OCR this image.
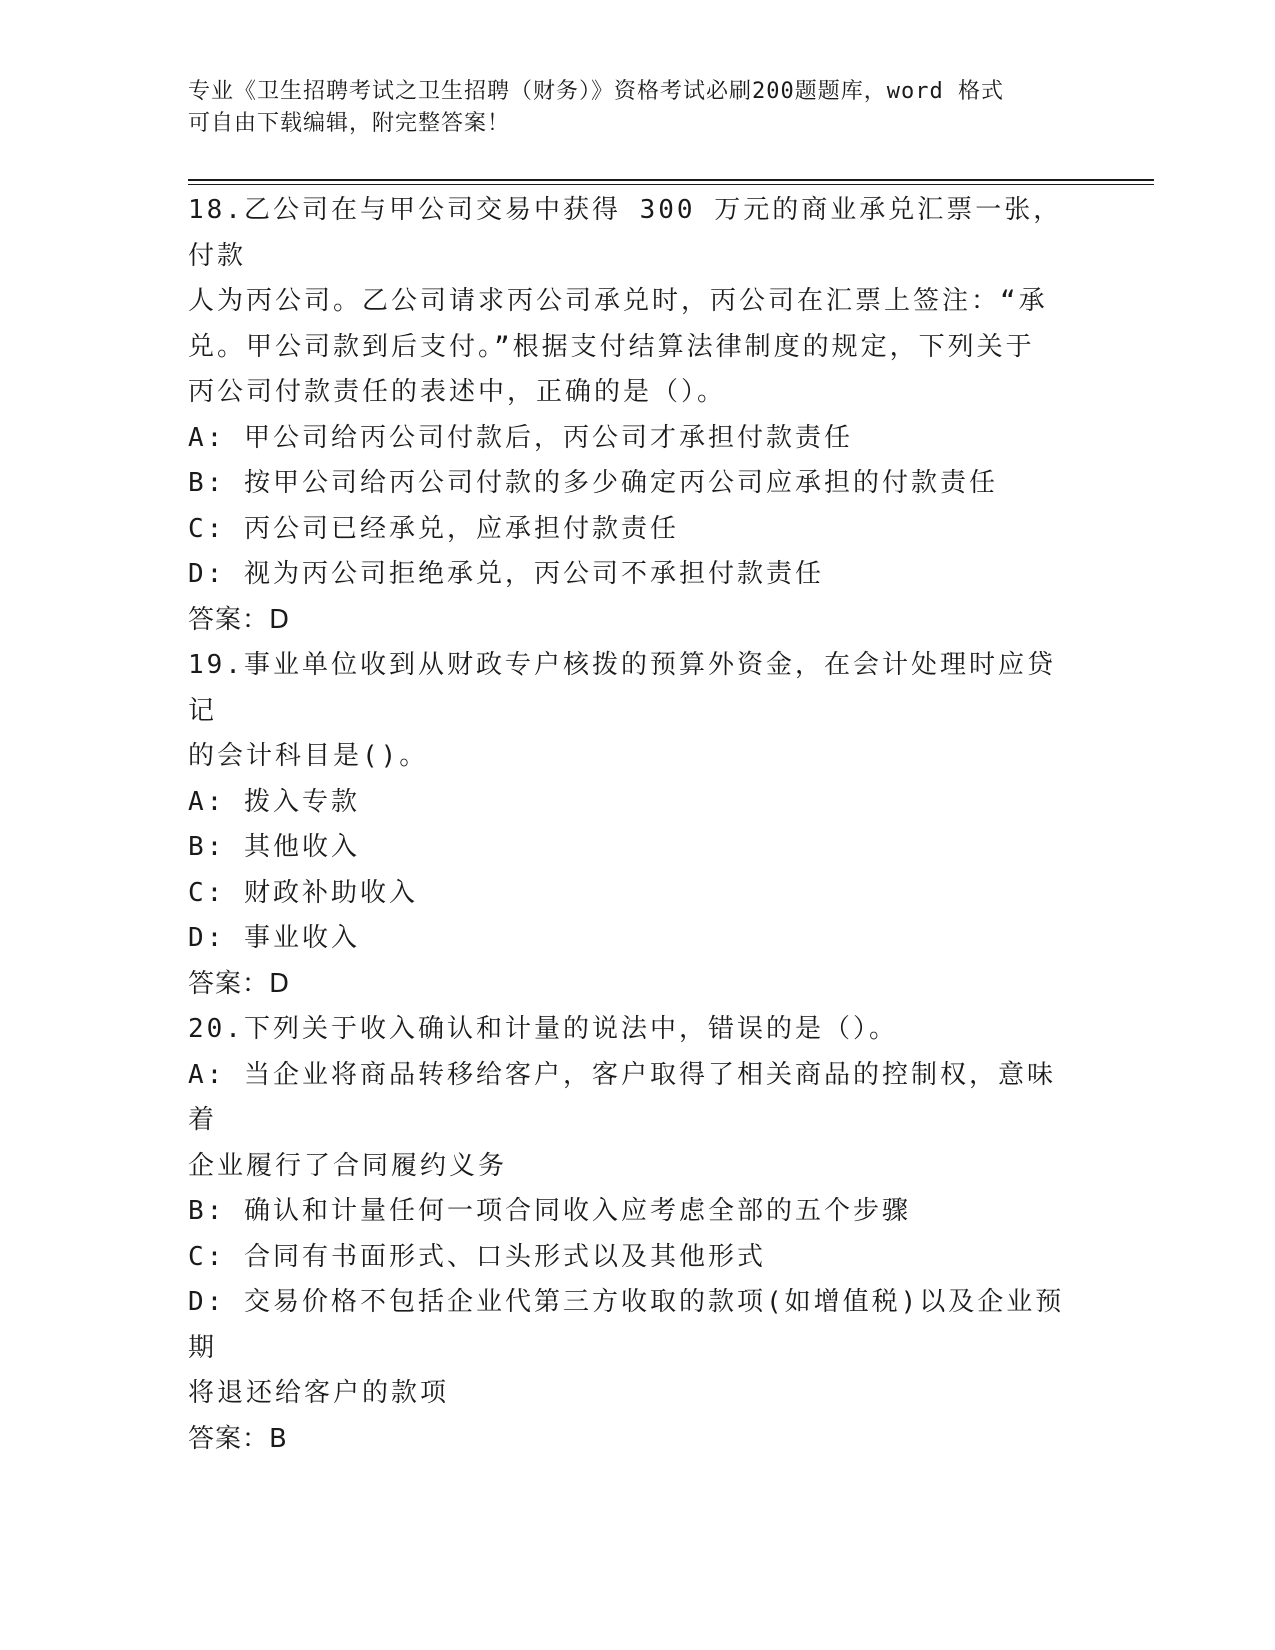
专业《卫生招聘考试之卫生招聘（财务）》资格考试必刷200题题库，word 格式
可自由下载编辑，附完整答案！

18.乙公司在与甲公司交易中获得 300 万元的商业承兑汇票一张，付款

人为丙公司。乙公司请求丙公司承兑时，丙公司在汇票上签注：“承

兑。甲公司款到后支付。”根据支付结算法律制度的规定，下列关于

丙公司付款责任的表述中，正确的是（）。

A: 甲公司给丙公司付款后，丙公司才承担付款责任

B: 按甲公司给丙公司付款的多少确定丙公司应承担的付款责任

C: 丙公司已经承兑，应承担付款责任

D: 视为丙公司拒绝承兑，丙公司不承担付款责任

答案：D

19.事业单位收到从财政专户核拨的预算外资金，在会计处理时应贷记

的会计科目是()。

A: 拨入专款

B: 其他收入

C: 财政补助收入

D: 事业收入

答案：D

20.下列关于收入确认和计量的说法中，错误的是（）。

A: 当企业将商品转移给客户，客户取得了相关商品的控制权，意味着

企业履行了合同履约义务

B: 确认和计量任何一项合同收入应考虑全部的五个步骤

C: 合同有书面形式、口头形式以及其他形式

D: 交易价格不包括企业代第三方收取的款项(如增值税)以及企业预期

将退还给客户的款项

答案：B
